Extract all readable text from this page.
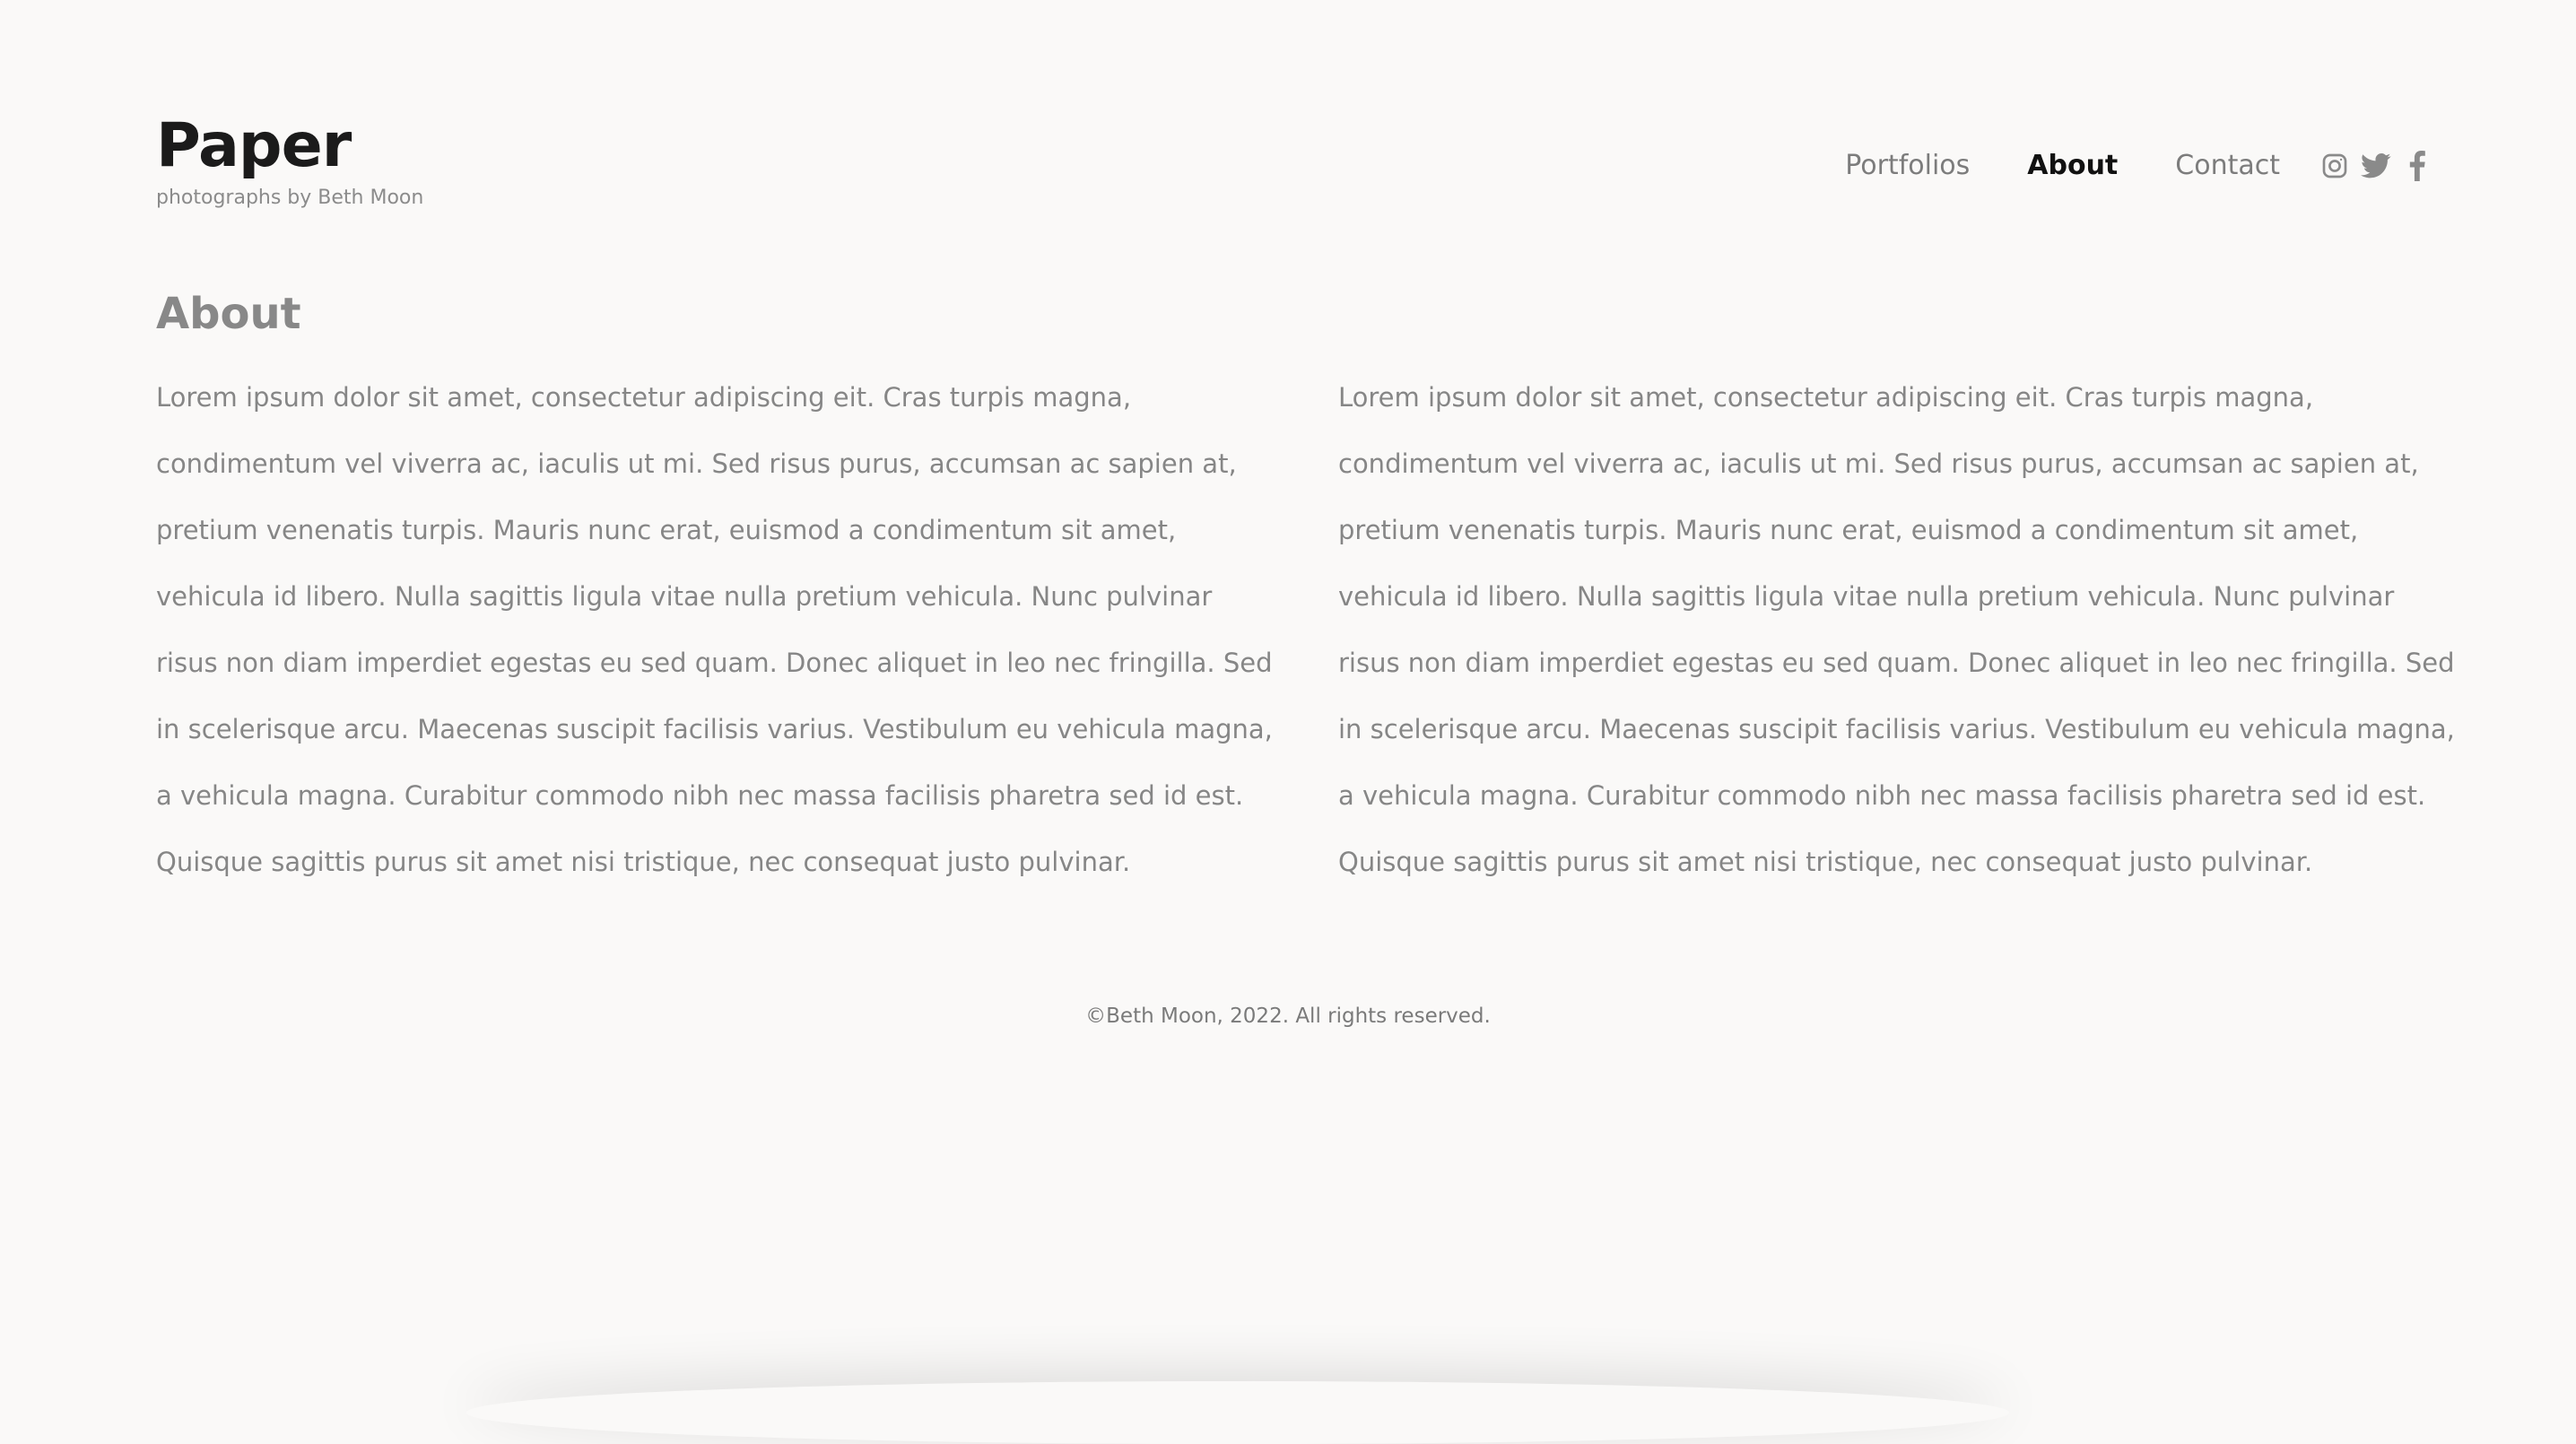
Paper
photographs by Beth Moon
Portfolios About Contact
About

Lorem ipsum dolor sit amet, consectetur adipiscing eit. Cras turpis magna, condimentum vel viverra ac, iaculis ut mi. Sed risus purus, accumsan ac sapien at, pretium venenatis turpis. Mauris nunc erat, euismod a condimentum sit amet, vehicula id libero. Nulla sagittis ligula vitae nulla pretium vehicula. Nunc pulvinar risus non diam imperdiet egestas eu sed quam. Donec aliquet in leo nec fringilla. Sed in scelerisque arcu. Maecenas suscipit facilisis varius. Vestibulum eu vehicula magna, a vehicula magna. Curabitur commodo nibh nec massa facilisis pharetra sed id est. Quisque sagittis purus sit amet nisi tristique, nec consequat justo pulvinar.

Lorem ipsum dolor sit amet, consectetur adipiscing eit. Cras turpis magna, condimentum vel viverra ac, iaculis ut mi. Sed risus purus, accumsan ac sapien at, pretium venenatis turpis. Mauris nunc erat, euismod a condimentum sit amet, vehicula id libero. Nulla sagittis ligula vitae nulla pretium vehicula. Nunc pulvinar risus non diam imperdiet egestas eu sed quam. Donec aliquet in leo nec fringilla. Sed in scelerisque arcu. Maecenas suscipit facilisis varius. Vestibulum eu vehicula magna, a vehicula magna. Curabitur commodo nibh nec massa facilisis pharetra sed id est. Quisque sagittis purus sit amet nisi tristique, nec consequat justo pulvinar.

©Beth Moon, 2022. All rights reserved.
